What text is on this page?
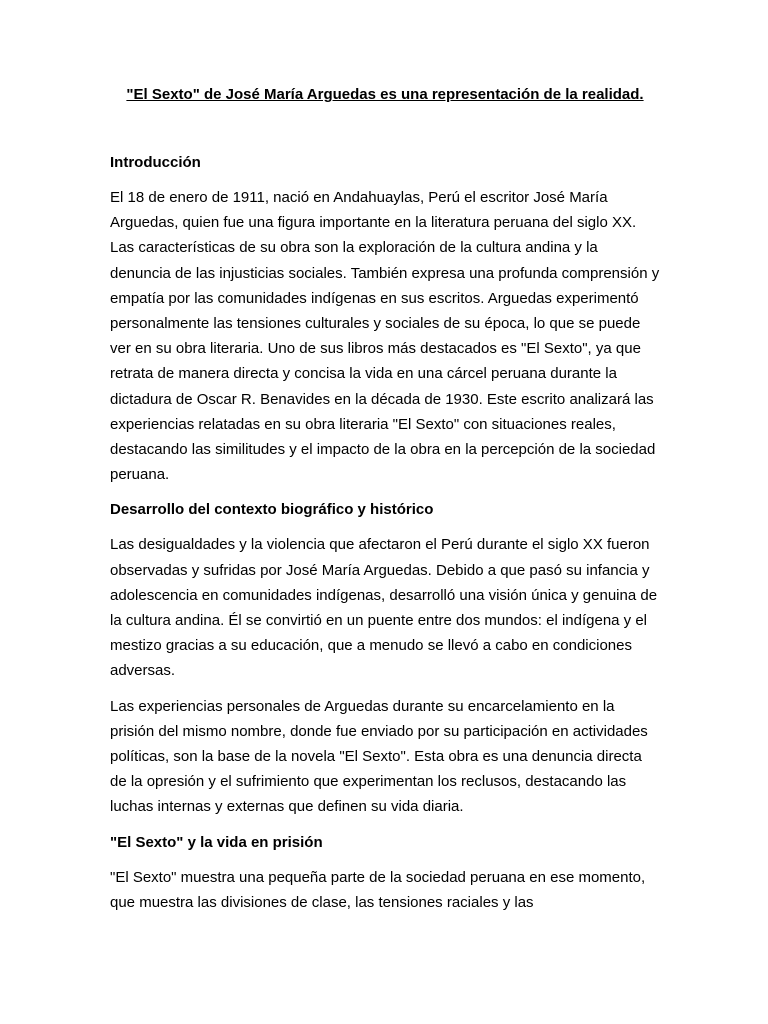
"El Sexto" de José María Arguedas es una representación de la realidad.
Introducción

El 18 de enero de 1911, nació en Andahuaylas, Perú el escritor José María Arguedas, quien fue una figura importante en la literatura peruana del siglo XX. Las características de su obra son la exploración de la cultura andina y la denuncia de las injusticias sociales. También expresa una profunda comprensión y empatía por las comunidades indígenas en sus escritos. Arguedas experimentó personalmente las tensiones culturales y sociales de su época, lo que se puede ver en su obra literaria. Uno de sus libros más destacados es "El Sexto", ya que retrata de manera directa y concisa la vida en una cárcel peruana durante la dictadura de Oscar R. Benavides en la década de 1930. Este escrito analizará las experiencias relatadas en su obra literaria "El Sexto" con situaciones reales, destacando las similitudes y el impacto de la obra en la percepción de la sociedad peruana.

Desarrollo del contexto biográfico y histórico

Las desigualdades y la violencia que afectaron el Perú durante el siglo XX fueron observadas y sufridas por José María Arguedas. Debido a que pasó su infancia y adolescencia en comunidades indígenas, desarrolló una visión única y genuina de la cultura andina. Él se convirtió en un puente entre dos mundos: el indígena y el mestizo gracias a su educación, que a menudo se llevó a cabo en condiciones adversas.

Las experiencias personales de Arguedas durante su encarcelamiento en la prisión del mismo nombre, donde fue enviado por su participación en actividades políticas, son la base de la novela "El Sexto". Esta obra es una denuncia directa de la opresión y el sufrimiento que experimentan los reclusos, destacando las luchas internas y externas que definen su vida diaria.

"El Sexto" y la vida en prisión

"El Sexto" muestra una pequeña parte de la sociedad peruana en ese momento, que muestra las divisiones de clase, las tensiones raciales y las
